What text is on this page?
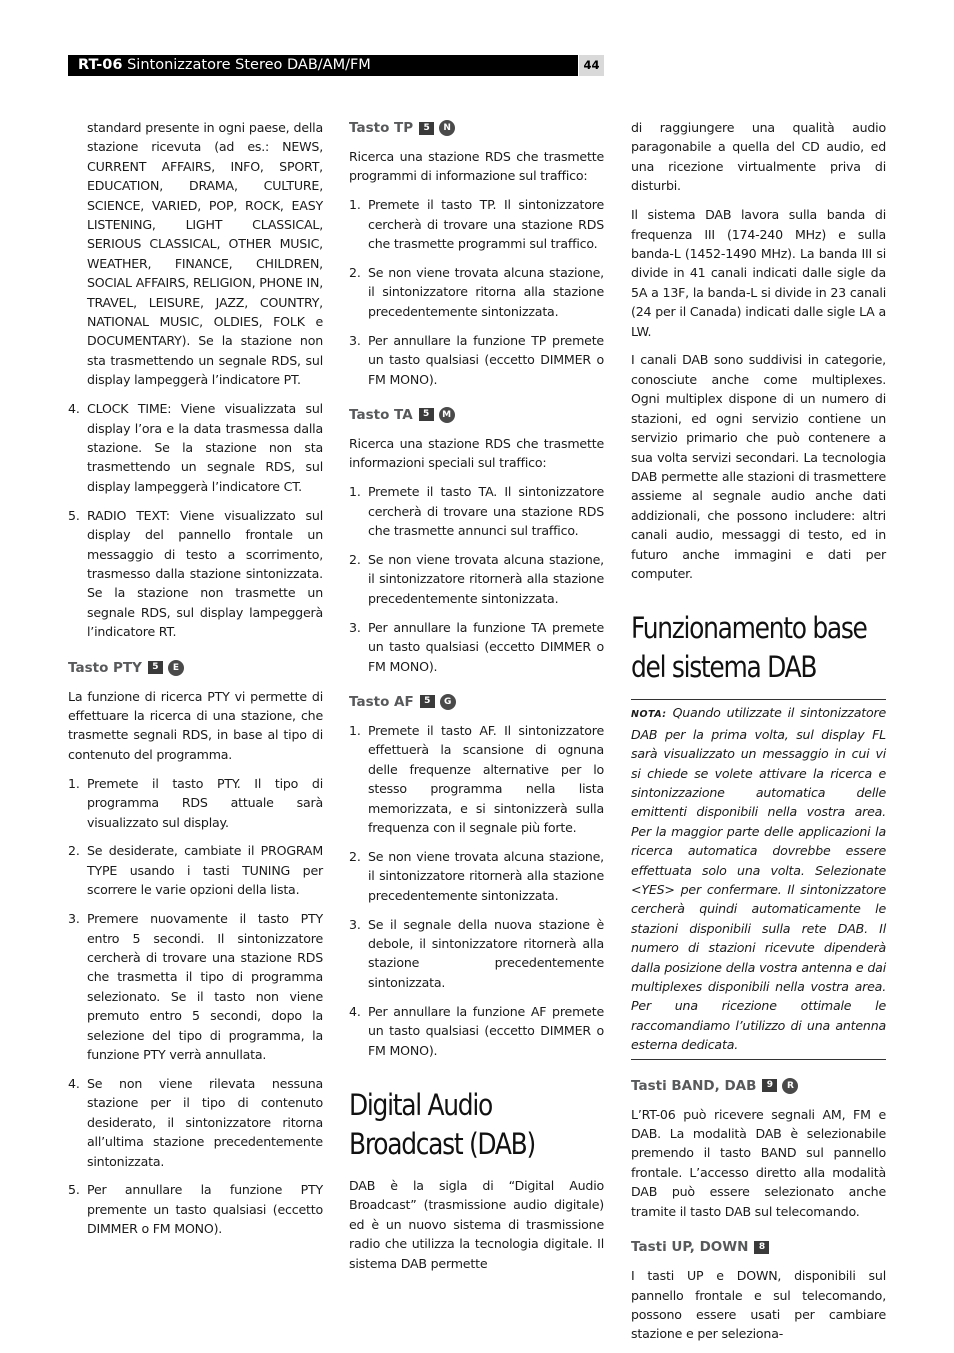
RT-06 Sintonizzatore Stereo DAB/AM/FM	44

standard presente in ogni paese, della stazione ricevuta (ad es.: NEWS, CURRENT AFFAIRS, INFO, SPORT, EDUCATION, DRAMA, CULTURE, SCIENCE, VARIED, POP, ROCK, EASY LISTENING, LIGHT CLASSICAL, SERIOUS CLASSICAL, OTHER MUSIC, WEATHER, FINANCE, CHILDREN, SOCIAL AFFAIRS, RELIGION, PHONE IN, TRAVEL, LEISURE, JAZZ, COUNTRY, NATIONAL MUSIC, OLDIES, FOLK e DOCUMENTARY). Se la stazione non sta trasmettendo un segnale RDS, sul display lampeggerà l’indicatore PT.

4. CLOCK TIME: Viene visualizzata sul display l’ora e la data trasmessa dalla stazione. Se la stazione non sta trasmettendo un segnale RDS, sul display lampeggerà l’indicatore CT.
5. RADIO TEXT: Viene visualizzato sul display del pannello frontale un messaggio di testo a scorrimento, trasmesso dalla stazione sintonizzata. Se la stazione non trasmette un segnale RDS, sul display lampeggerà l’indicatore RT.
Tasto PTY	5	E

La funzione di ricerca PTY vi permette di effettuare la ricerca di una stazione, che trasmette segnali RDS, in base al tipo di contenuto del programma.

1. Premete il tasto PTY. Il tipo di programma RDS attuale sarà visualizzato sul display.
2. Se desiderate, cambiate il PROGRAM TYPE usando i tasti TUNING per scorrere le varie opzioni della lista.
3. Premere nuovamente il tasto PTY entro 5 secondi. Il sintonizzatore cercherà di trovare una stazione RDS che trasmetta il tipo di programma selezionato. Se il tasto non viene premuto entro 5 secondi, dopo la selezione del tipo di programma, la funzione PTY verrà annullata.
4. Se non viene rilevata nessuna stazione per il tipo di contenuto desiderato, il sintonizzatore ritorna all’ultima stazione precedentemente sintonizzata.
5. Per annullare la funzione PTY premente un tasto qualsiasi (eccetto DIMMER o FM MONO).
Tasto TP	5	N

Ricerca una stazione RDS che trasmette programmi di informazione sul traffico:

1. Premete il tasto TP. Il sintonizzatore cercherà di trovare una stazione RDS che trasmette programmi sul traffico.
2. Se non viene trovata alcuna stazione, il sintonizzatore ritorna alla stazione precedentemente sintonizzata.
3. Per annullare la funzione TP premete un tasto qualsiasi (eccetto DIMMER o FM MONO).
Tasto TA	5	M

Ricerca una stazione RDS che trasmette informazioni speciali sul traffico:

1. Premete il tasto TA. Il sintonizzatore cercherà di trovare una stazione RDS che trasmette annunci sul traffico.
2. Se non viene trovata alcuna stazione, il sintonizzatore ritornerà alla stazione precedentemente sintonizzata.
3. Per annullare la funzione TA premete un tasto qualsiasi (eccetto DIMMER o FM MONO).
Tasto AF	5	G
1. Premete il tasto AF. Il sintonizzatore effettuerà la scansione di ognuna delle frequenze alternative per lo stesso programma nella lista memorizzata, e si sintonizzerà sulla frequenza con il segnale più forte.
2. Se non viene trovata alcuna stazione, il sintonizzatore ritornerà alla stazione precedentemente sintonizzata.
3. Se il segnale della nuova stazione è debole, il sintonizzatore ritornerà alla stazione precedentemente sintonizzata.
4. Per annullare la funzione AF premete un tasto qualsiasi (eccetto DIMMER o FM MONO).
Digital Audio Broadcast (DAB)

DAB è la sigla di “Digital Audio Broadcast” (trasmissione audio digitale) ed è un nuovo sistema di trasmissione radio che utilizza la tecnologia digitale. Il sistema DAB permette

di raggiungere una qualità audio paragonabile a quella del CD audio, ed una ricezione virtualmente priva di disturbi.

Il sistema DAB lavora sulla banda di frequenza III (174-240 MHz) e sulla banda-L (1452-1490 MHz). La banda III si divide in 41 canali indicati dalle sigle da 5A a 13F, la banda-L si divide in 23 canali (24 per il Canada) indicati dalle sigle LA a LW.

I canali DAB sono suddivisi in categorie, conosciute anche come multiplexes. Ogni multiplex dispone di un numero di stazioni, ed ogni servizio contiene un servizio primario che può contenere a sua volta servizi secondari. La tecnologia DAB permette alle stazioni di trasmettere assieme al segnale audio anche dati addizionali, che possono includere: altri canali audio, messaggi di testo, ed in futuro anche immagini e dati per computer.

Funzionamento base del sistema DAB
NOTA: Quando utilizzate il sintonizzatore DAB per la prima volta, sul display FL sarà visualizzato un messaggio in cui vi si chiede se volete attivare la ricerca e sintonizzazione automatica delle emittenti disponibili nella vostra area. Per la maggior parte delle applicazioni la ricerca automatica dovrebbe essere effettuata solo una volta. Selezionate <YES> per confermare. Il sintonizzatore cercherà quindi automaticamente le stazioni disponibili sulla rete DAB. Il numero di stazioni ricevute dipenderà dalla posizione della vostra antenna e dai multiplexes disponibili nella vostra area. Per una ricezione ottimale le raccomandiamo l’utilizzo di una antenna esterna dedicata.
Tasti BAND, DAB	9	R

L’RT-06 può ricevere segnali AM, FM e DAB. La modalità DAB è selezionabile premendo il tasto BAND sul pannello frontale. L’accesso diretto alla modalità DAB può essere selezionato anche tramite il tasto DAB sul telecomando.

Tasti UP, DOWN	8

I tasti UP e DOWN, disponibili sul pannello frontale e sul telecomando, possono essere usati per cambiare stazione e per seleziona-
